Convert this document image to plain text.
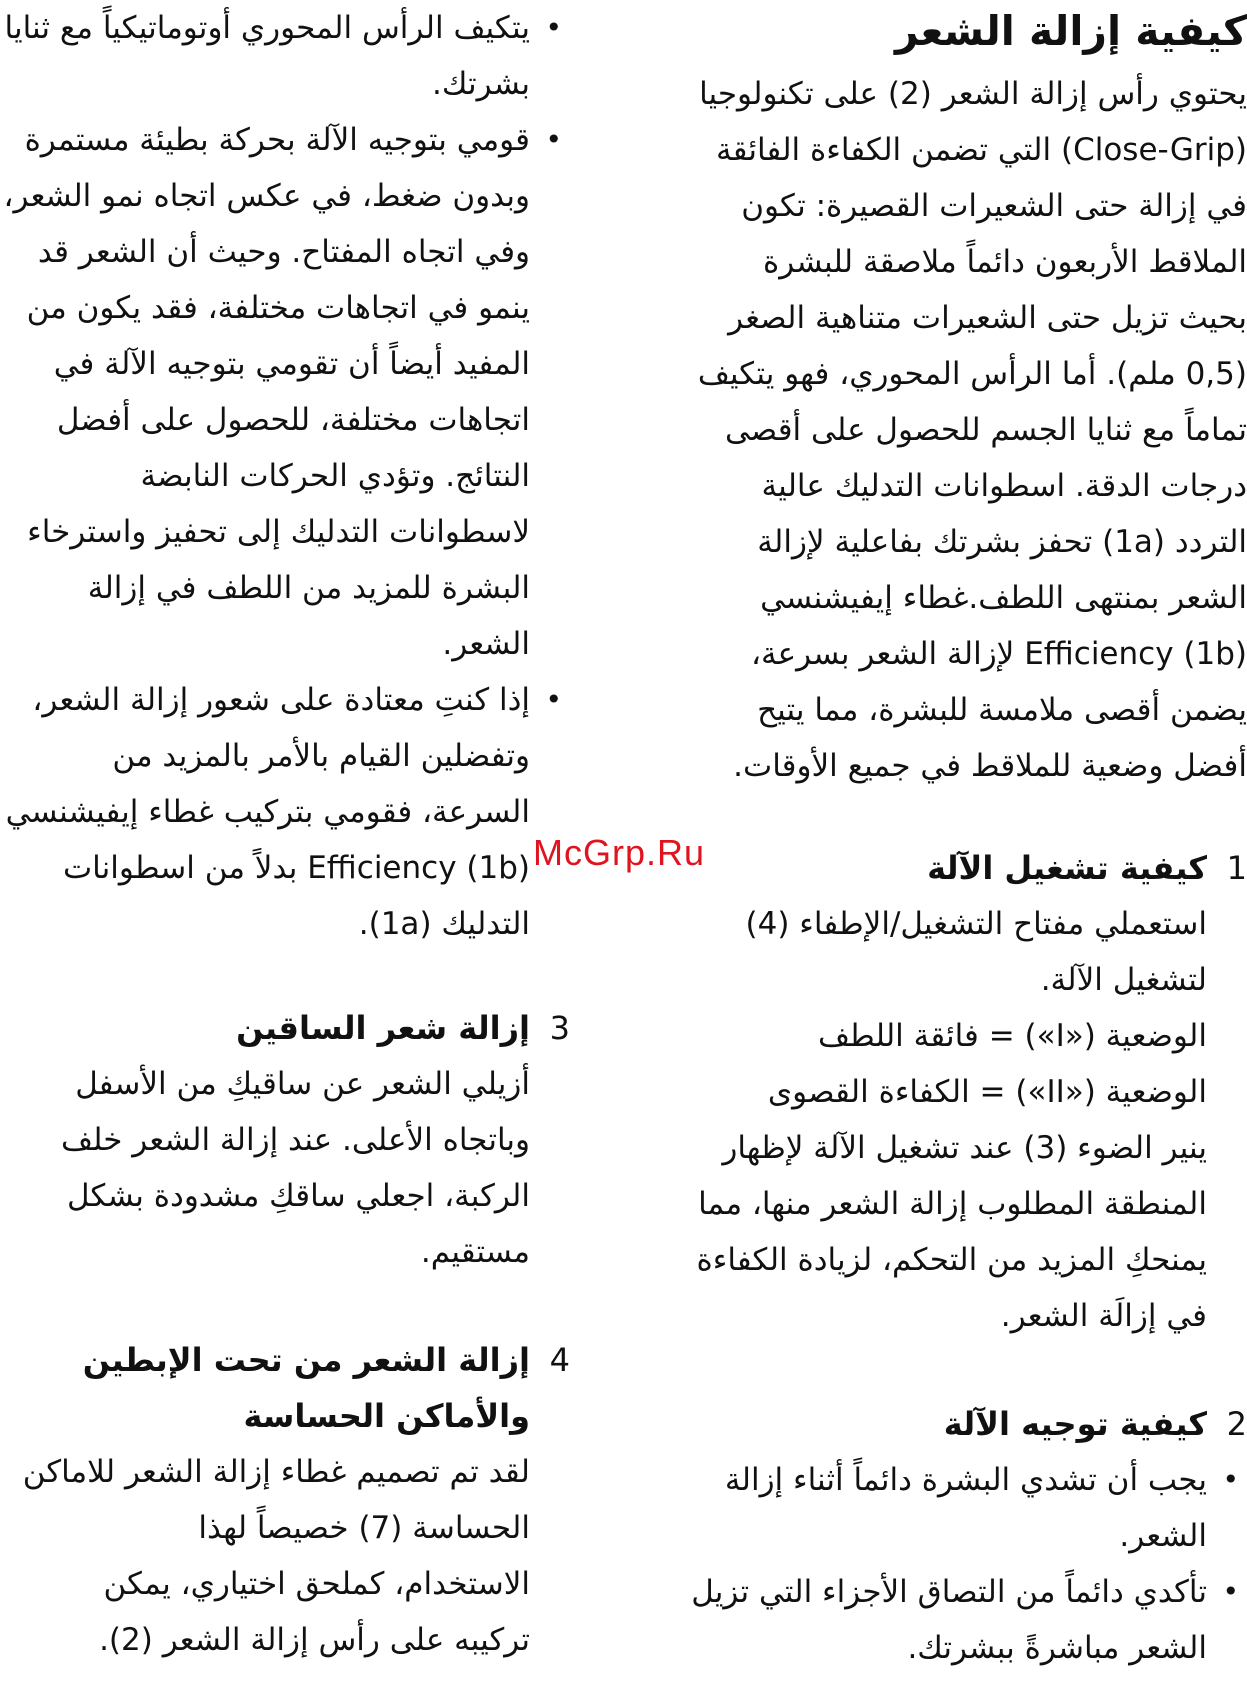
كيفية إزالة الشعر

يحتوي رأس إزالة الشعر (2) على تكنولوجيا

(Close-Grip) التي تضمن الكفاءة الفائقة

في إزالة حتى الشعيرات القصيرة: تكون

الملاقط الأربعون دائماً ملاصقة للبشرة

بحيث تزيل حتى الشعيرات متناهية الصغر

(0,5 ملم). أما الرأس المحوري، فهو يتكيف

تماماً مع ثنايا الجسم للحصول على أقصى

درجات الدقة. اسطوانات التدليك عالية

التردد (1a) تحفز بشرتك بفاعلية لإزالة

الشعر بمنتهى اللطف.غطاء إيفيشنسي

Efficiency (1b) لإزالة الشعر بسرعة،

يضمن أقصى ملامسة للبشرة، مما يتيح

أفضل وضعية للملاقط في جميع الأوقات.

1كيفية تشغيل الآلة

استعملي مفتاح التشغيل/الإطفاء (4)

لتشغيل الآلة.

الوضعية («I») = فائقة اللطف

الوضعية («II») = الكفاءة القصوى

ينير الضوء (3) عند تشغيل الآلة لإظهار

المنطقة المطلوب إزالة الشعر منها، مما

يمنحكِ المزيد من التحكم، لزيادة الكفاءة

في إزالَة الشعر.

2كيفية توجيه الآلة
• يجب أن تشدي البشرة دائماً أثناء إزالة الشعر.
• تأكدي دائماً من التصاق الأجزاء التي تزيل الشعر مباشرةً ببشرتك.
• يتكيف الرأس المحوري أوتوماتيكياً مع ثنايا بشرتك.
• قومي بتوجيه الآلة بحركة بطيئة مستمرة وبدون ضغط، في عكس اتجاه نمو الشعر، وفي اتجاه المفتاح. وحيث أن الشعر قد ينمو في اتجاهات مختلفة، فقد يكون من المفيد أيضاً أن تقومي بتوجيه الآلة في اتجاهات مختلفة، للحصول على أفضل النتائج. وتؤدي الحركات النابضة لاسطوانات التدليك إلى تحفيز واسترخاء البشرة للمزيد من اللطف في إزالة الشعر.
• إذا كنتِ معتادة على شعور إزالة الشعر، وتفضلين القيام بالأمر بالمزيد من السرعة، فقومي بتركيب غطاء إيفيشنسي Efficiency (1b) بدلاً من اسطوانات التدليك (1a).
3إزالة شعر الساقين

أزيلي الشعر عن ساقيكِ من الأسفل

وباتجاه الأعلى. عند إزالة الشعر خلف

الركبة، اجعلي ساقكِ مشدودة بشكل

مستقيم.

4إزالة الشعر من تحت الإبطين
والأماكن الحساسة

لقد تم تصميم غطاء إزالة الشعر للاماكن

الحساسة (7) خصيصاً لهذا

الاستخدام، كملحق اختياري، يمكن

تركيبه على رأس إزالة الشعر (2).

McGrp.Ru
